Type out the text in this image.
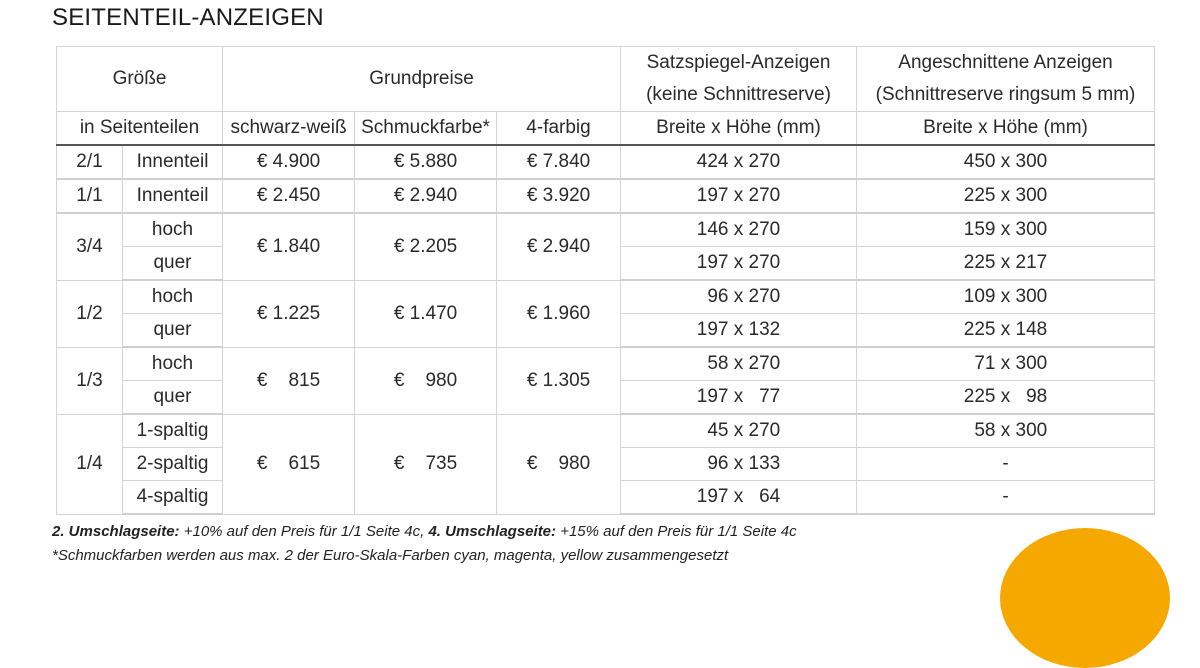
SEITENTEIL-ANZEIGEN
Größe		Grundpreise			Satzspiegel-Anzeigen	Angeschnittene Anzeigen
					(keine Schnittreserve)	(Schnittreserve ringsum 5 mm)
in Seitenteilen		schwarz-weiß	Schmuckfarbe*	4-farbig	Breite x Höhe (mm)	Breite x Höhe (mm)
2/1	Innenteil	€ 4.900	€ 5.880	€ 7.840	424 x 270	450 x 300
1/1	Innenteil	€ 2.450	€ 2.940	€ 3.920	197 x 270	225 x 300
3/4	hoch	€ 1.840	€ 2.205	€ 2.940	146 x 270	159 x 300
	quer				197 x 270	225 x 217
1/2	hoch	€ 1.225	€ 1.470	€ 1.960	96 x 270	109 x 300
	quer				197 x 132	225 x 148
1/3	hoch	€    815	€    980	€ 1.305	58 x 270	71 x 300
	quer				197 x   77	225 x   98
1/4	1-spaltig	€    615	€    735	€    980	45 x 270	58 x 300
	2-spaltig				96 x 133	-
	4-spaltig				197 x   64	-
2. Umschlagseite: +10% auf den Preis für 1/1 Seite 4c, 4. Umschlagseite: +15% auf den Preis für 1/1 Seite 4c
*Schmuckfarben werden aus max. 2 der Euro-Skala-Farben cyan, magenta, yellow zusammengesetzt
